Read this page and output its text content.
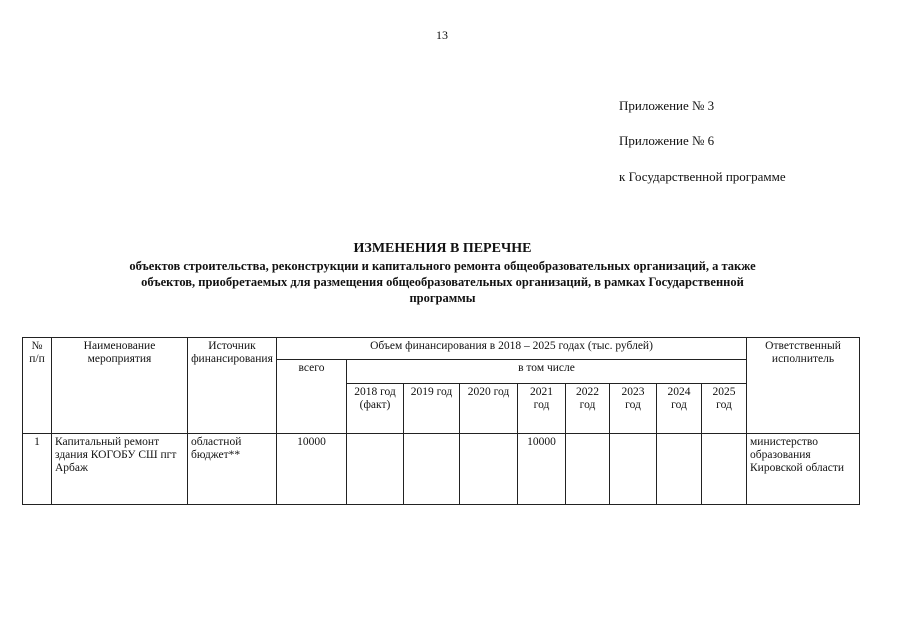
13
Приложение № 3
Приложение № 6
к Государственной программе
ИЗМЕНЕНИЯ В ПЕРЕЧНЕ
объектов строительства, реконструкции и капитального ремонта общеобразовательных организаций, а также
объектов, приобретаемых для размещения общеобразовательных организаций, в рамках Государственной
программы
№ п/п	Наименование мероприятия	Источник финансирования	Объем финансирования в 2018 – 2025 годах (тыс. рублей)									Ответственный исполнитель
			всего	в том числе								
				2018 год (факт)	2019 год	2020 год	2021 год	2022 год	2023 год	2024 год	2025 год	
1	Капитальный ремонт здания КОГОБУ СШ пгт Арбаж	областной бюджет**	10000				10000					министерство образования Кировской области
